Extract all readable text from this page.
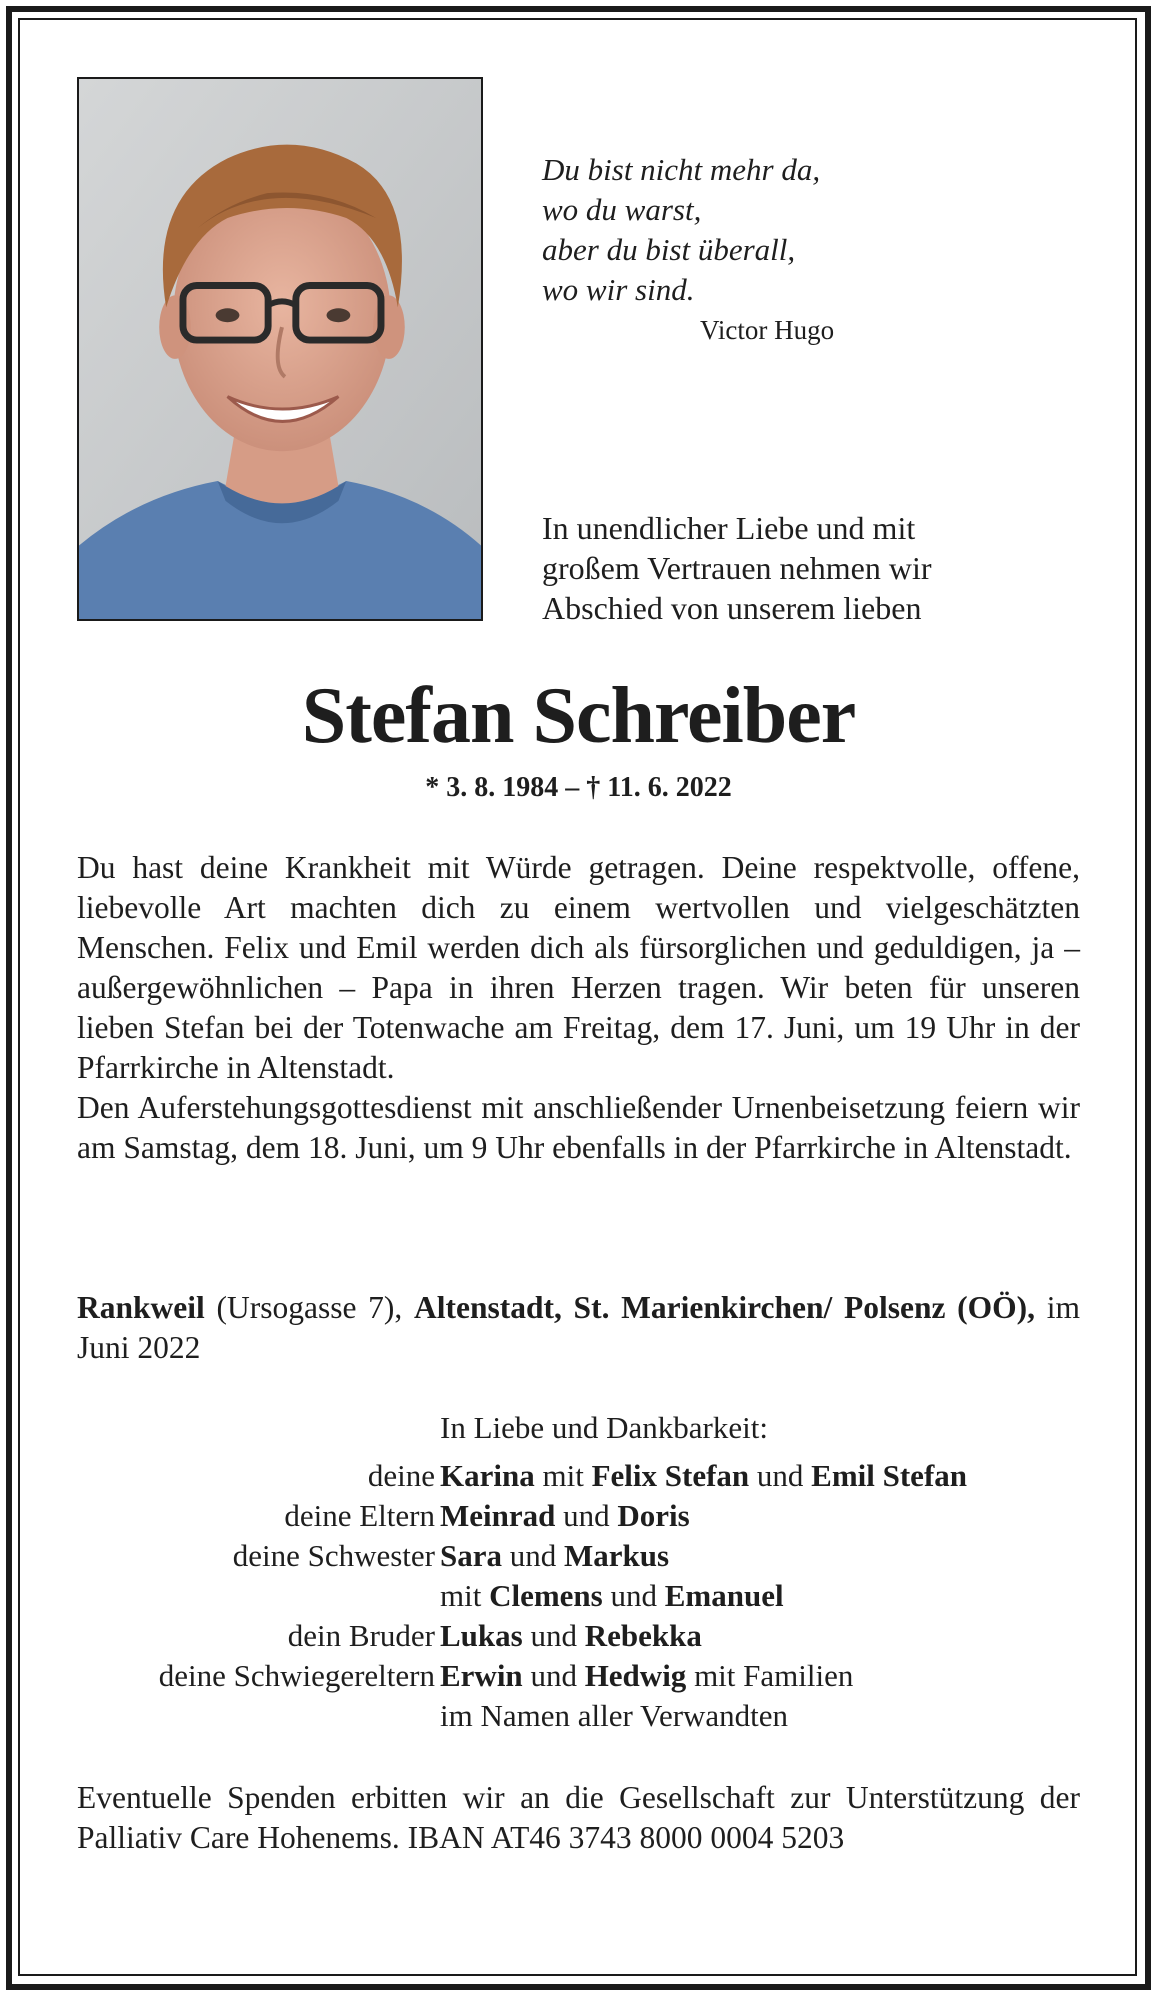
Du bist nicht mehr da,
wo du warst,
aber du bist überall,
wo wir sind.
Victor Hugo
In unendlicher Liebe und mit
großem Vertrauen nehmen wir
Abschied von unserem lieben
Stefan Schreiber
* 3. 8. 1984 – † 11. 6. 2022

Du hast deine Krankheit mit Würde getragen. Deine respektvolle, offene, liebevolle Art machten dich zu einem wertvollen und vielgeschätzten Menschen. Felix und Emil werden dich als fürsorglichen und geduldigen, ja – außergewöhnlichen – Papa in ihren Herzen tragen. Wir beten für unseren lieben Stefan bei der Totenwache am Freitag, dem 17. Juni, um 19 Uhr in der Pfarrkirche in Altenstadt.

Den Auferstehungsgottesdienst mit anschließender Urnenbeisetzung feiern wir am Samstag, dem 18. Juni, um 9 Uhr ebenfalls in der Pfarrkirche in Altenstadt.

Rankweil (Ursogasse 7), Altenstadt, St. Marienkirchen/ Polsenz (OÖ), im Juni 2022
In Liebe und Dankbarkeit:
deine Karina mit Felix Stefan und Emil Stefan
deine Eltern Meinrad und Doris
deine Schwester Sara und Markus
mit Clemens und Emanuel
dein Bruder Lukas und Rebekka
deine Schwiegereltern Erwin und Hedwig mit Familien
im Namen aller Verwandten
Eventuelle Spenden erbitten wir an die Gesellschaft zur Unterstützung der Palliativ Care Hohenems. IBAN AT46 3743 8000 0004 5203
